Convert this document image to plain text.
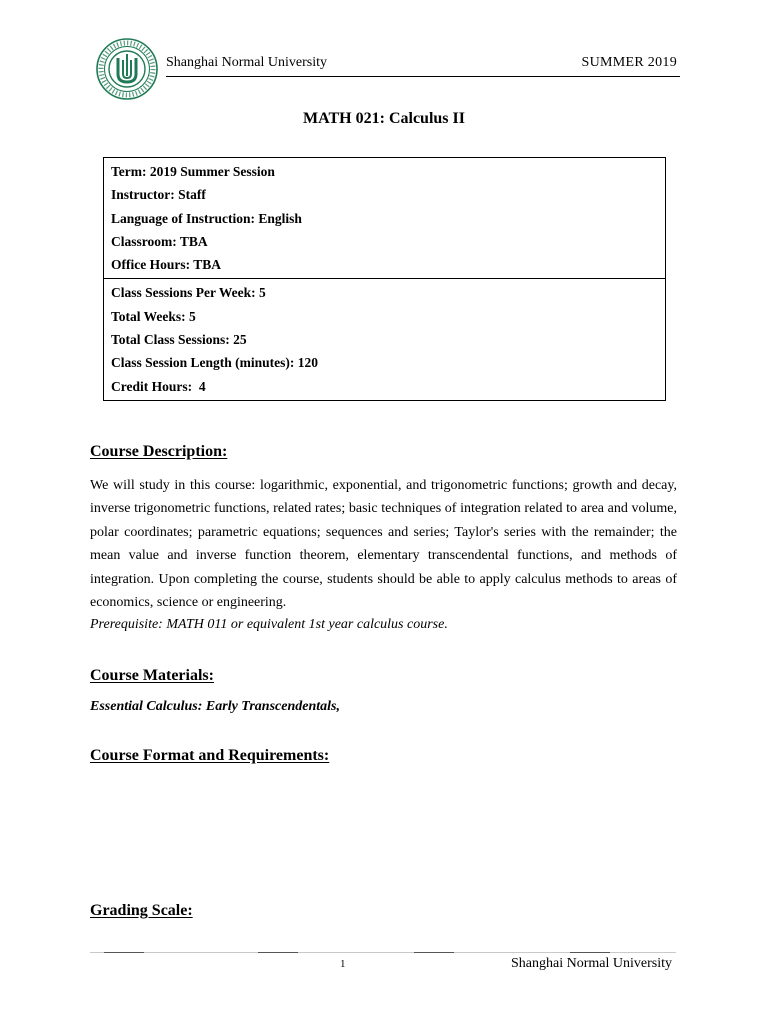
Shanghai Normal University	SUMMER 2019
MATH 021: Calculus II
Term: 2019 Summer Session
Instructor: Staff
Language of Instruction: English
Classroom: TBA
Office Hours: TBA
Class Sessions Per Week: 5
Total Weeks: 5
Total Class Sessions: 25
Class Session Length (minutes): 120
Credit Hours:  4
Course Description:
We will study in this course: logarithmic, exponential, and trigonometric functions; growth and decay, inverse trigonometric functions, related rates; basic techniques of integration related to area and volume, polar coordinates; parametric equations; sequences and series; Taylor's series with the remainder; the mean value and inverse function theorem, elementary transcendental functions, and methods of integration. Upon completing the course, students should be able to apply calculus methods to areas of economics, science or engineering.
Prerequisite: MATH 011 or equivalent 1st year calculus course.
Course Materials:
Essential Calculus: Early Transcendentals,
Course Format and Requirements:
Grading Scale:
1	Shanghai Normal University
